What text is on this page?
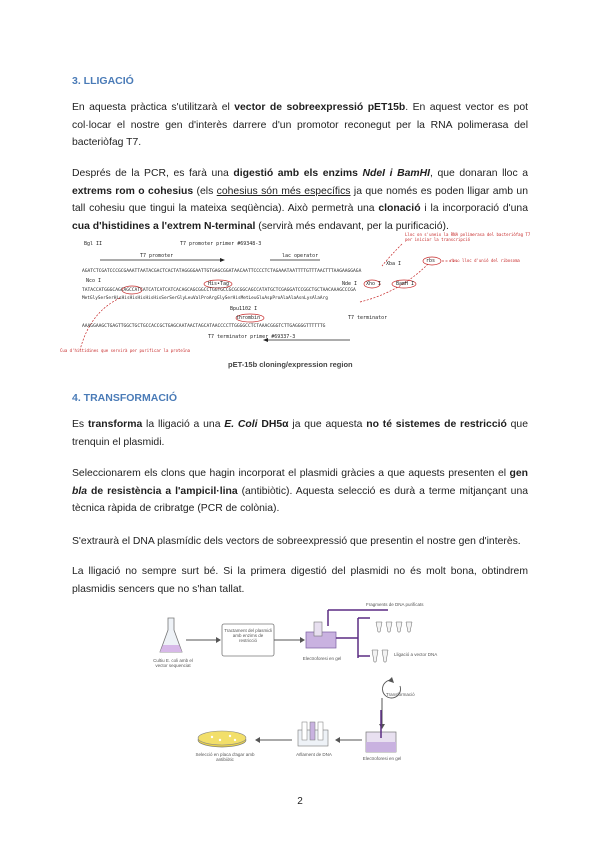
3. LLIGACIÓ
En aquesta pràctica s'utilitzarà el vector de sobreexpressió pET15b. En aquest vector es pot col·locar el nostre gen d'interès darrere d'un promotor reconegut per la RNA polimerasa del bacteriòfag T7.
Després de la PCR, es farà una digestió amb els enzims NdeI i BamHI, que donaran lloc a extrems rom o cohesius (els cohesius són més específics ja que només es poden lligar amb un tall cohesiu que tingui la mateixa seqüència). Això permetrà una clonació i la incorporació d'una cua d'histidines a l'extrem N-terminal (servirà més endavant, per la purificació).
Bgl II	T7 promoter primer #69348-3
T7 promoter	lac operator
Xba I	rbs	rbs: lloc d'unió del ribosoma
Lloc on s'uneix la RNA polimerasa del bacteriòfag T7 per iniciar la transcripció
AGATCTCGATCCCGCGAAATTAATACGACTCACTATAGGGGAATTGTGAGCGGATAACAATTCCCCTCTAGAAATAATTTTGTTTAACTTTAAGAAGGAGA
Nco I	His•Tag	Nde I Xho I	BamH I
TATACCATGGGCAGCAGCCATCATCATCATCATCACAGCAGCGGCCTGGTGCCGCGCGGCAGCCATATGCTCGAGGATCCGGCTGCTAACAAAGCCCGA
MetGlySerSerHisHisHisHisHisHisSerSerGlyLeuValProArgGlySerHisMetLeuGluAspProAlaAlaAsnLysAlaArg
Bpu1102 I
thrombin	T7 terminator
AAAGGAAGCTGAGTTGGCTGCTGCCACCGCTGAGCAATAACTAGCATAACCCCTTGGGGCCTCTAAACGGGTCTTGAGGGGTTTTTTG
T7 terminator primer #69337-3
Cua d'histidines que servirà per purificar la proteïna
pET-15b cloning/expression region
4. TRANSFORMACIÓ
Es transforma la lligació a una E. Coli DH5α ja que aquesta no té sistemes de restricció que trenquin el plasmidi.
Seleccionarem els clons que hagin incorporat el plasmidi gràcies a que aquests presenten el gen bla de resistència a l'ampicil·lina (antibiòtic). Aquesta selecció es durà a terme mitjançant una tècnica ràpida de cribratge (PCR de colònia).
S'extraurà el DNA plasmídic dels vectors de sobreexpressió que presentin el nostre gen d'interès.
La lligació no sempre surt bé. Si la primera digestió del plasmidi no és molt bona, obtindrem plasmidis sencers que no s'han tallat.
Cultiu E. coli amb el vector sequenciat
Tractament del plasmidi amb enzims de restricció
Electroforesi en gel
Fragments de DNA purificats
Lligació a vector DNA
Transformació
Selecció en placa d'agar amb antibiòtic
Aïllament de DNA
Electroforesi en gel
2
